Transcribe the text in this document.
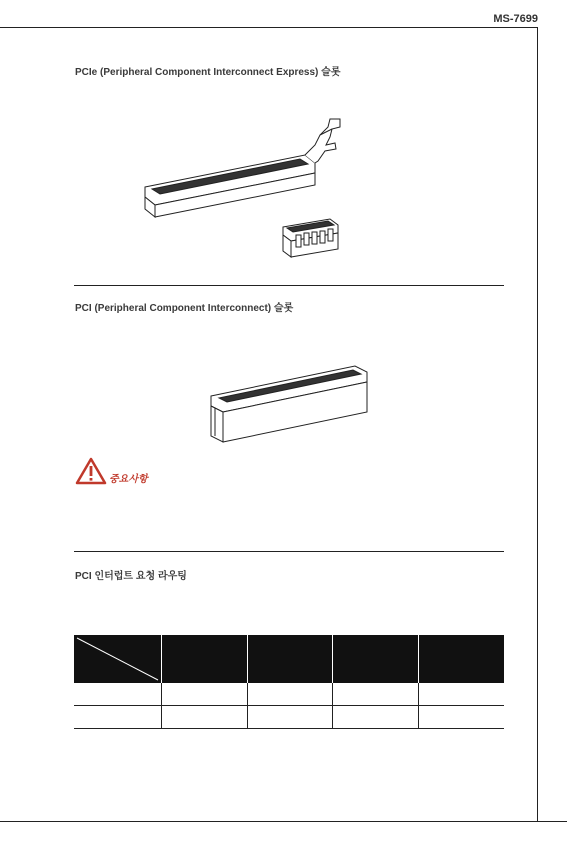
MS-7699
PCIe (Peripheral Component Interconnect Express) 슬롯
PCI (Peripheral Component Interconnect) 슬롯
중요사항
PCI 인터럽트 요청 라우팅
